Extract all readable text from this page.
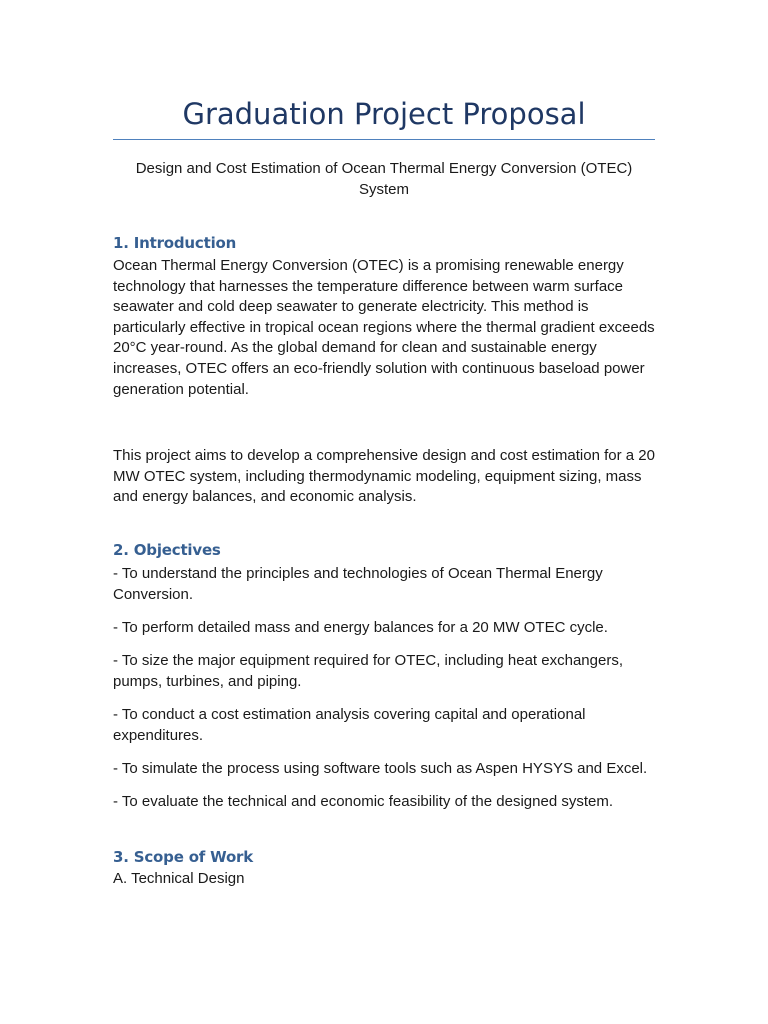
Graduation Project Proposal

Design and Cost Estimation of Ocean Thermal Energy Conversion (OTEC) System

1. Introduction

Ocean Thermal Energy Conversion (OTEC) is a promising renewable energy technology that harnesses the temperature difference between warm surface seawater and cold deep seawater to generate electricity. This method is particularly effective in tropical ocean regions where the thermal gradient exceeds 20°C year-round. As the global demand for clean and sustainable energy increases, OTEC offers an eco-friendly solution with continuous baseload power generation potential.

This project aims to develop a comprehensive design and cost estimation for a 20 MW OTEC system, including thermodynamic modeling, equipment sizing, mass and energy balances, and economic analysis.

2. Objectives

- To understand the principles and technologies of Ocean Thermal Energy Conversion.

- To perform detailed mass and energy balances for a 20 MW OTEC cycle.

- To size the major equipment required for OTEC, including heat exchangers, pumps, turbines, and piping.

- To conduct a cost estimation analysis covering capital and operational expenditures.

- To simulate the process using software tools such as Aspen HYSYS and Excel.

- To evaluate the technical and economic feasibility of the designed system.

3. Scope of Work

A. Technical Design
